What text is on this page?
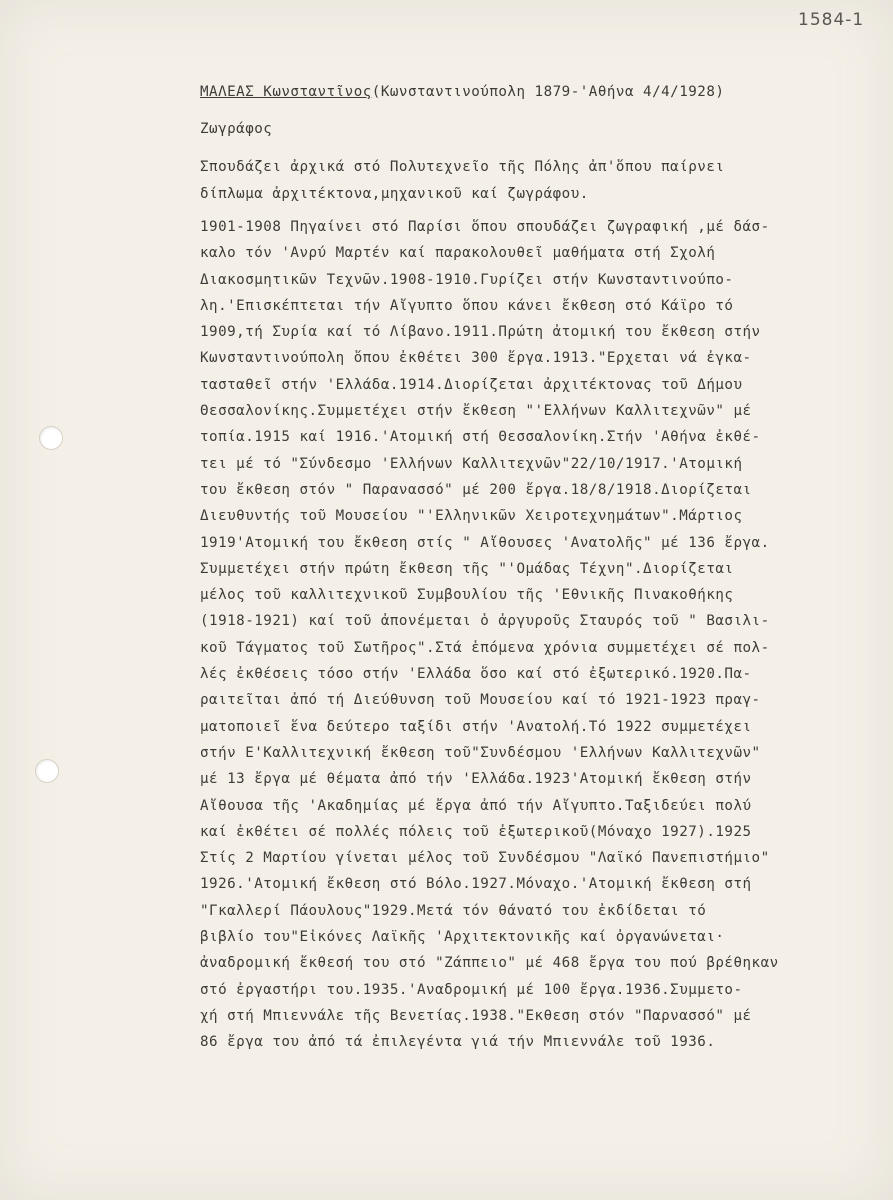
1584-1
ΜΑΛΕΑΣ Κωνσταντῖνος(Κωνσταντινούπολη 1879-'Αθήνα 4/4/1928)
Ζωγράφος
Σπουδάζει ἀρχικά στό Πολυτεχνεῖο τῆς Πόλης ἀπ'ὅπου παίρνει
δίπλωμα ἀρχιτέκτονα,μηχανικοῦ καί ζωγράφου.
1901-1908 Πηγαίνει στό Παρίσι ὅπου σπουδάζει ζωγραφική ,μέ δάσ-
καλο τόν 'Ανρύ Μαρτέν καί παρακολουθεῖ μαθήματα στή Σχολή
Διακοσμητικῶν Τεχνῶν.1908-1910.Γυρίζει στήν Κωνσταντινούπο-
λη.'Επισκέπτεται τήν Αἴγυπτο ὅπου κάνει ἔκθεση στό Κάϊρο τό
1909,τή Συρία καί τό Λίβανο.1911.Πρώτη ἀτομική του ἔκθεση στήν
Κωνσταντινούπολη ὅπου ἐκθέτει 300 ἔργα.1913."Ερχεται νά ἐγκα-
τασταθεῖ στήν 'Ελλάδα.1914.Διορίζεται ἀρχιτέκτονας τοῦ Δήμου
Θεσσαλονίκης.Συμμετέχει στήν ἔκθεση "'Ελλήνων Καλλιτεχνῶν" μέ
τοπία.1915 καί 1916.'Ατομική στή Θεσσαλονίκη.Στήν 'Αθήνα ἐκθέ-
τει μέ τό "Σύνδεσμο 'Ελλήνων Καλλιτεχνῶν"22/10/1917.'Ατομική
του ἔκθεση στόν " Παρανασσό" μέ 200 ἔργα.18/8/1918.Διορίζεται
Διευθυντής τοῦ Μουσείου "'Ελληνικῶν Χειροτεχνημάτων".Μάρτιος
1919'Ατομική του ἔκθεση στίς " Αἴθουσες 'Ανατολῆς" μέ 136 ἔργα.
Συμμετέχει στήν πρώτη ἔκθεση τῆς "'Ομάδας Τέχνη".Διορίζεται
μέλος τοῦ καλλιτεχνικοῦ Συμβουλίου τῆς 'Εθνικῆς Πινακοθήκης
(1918-1921) καί τοῦ ἀπονέμεται ὁ ἀργυροῦς Σταυρός τοῦ " Βασιλι-
κοῦ Τάγματος τοῦ Σωτῆρος".Στά ἑπόμενα χρόνια συμμετέχει σέ πολ-
λές ἐκθέσεις τόσο στήν 'Ελλάδα ὅσο καί στό ἐξωτερικό.1920.Πα-
ραιτεῖται ἀπό τή Διεύθυνση τοῦ Μουσείου καί τό 1921-1923 πραγ-
ματοποιεῖ ἕνα δεύτερο ταξίδι στήν 'Ανατολή.Τό 1922 συμμετέχει
στήν Ε'Καλλιτεχνική ἔκθεση τοῦ"Συνδέσμου 'Ελλήνων Καλλιτεχνῶν"
μέ 13 ἔργα μέ θέματα ἀπό τήν 'Ελλάδα.1923'Ατομική ἔκθεση στήν
Αἴθουσα τῆς 'Ακαδημίας μέ ἔργα ἀπό τήν Αἴγυπτο.Ταξιδεύει πολύ
καί ἐκθέτει σέ πολλές πόλεις τοῦ ἐξωτερικοῦ(Μόναχο 1927).1925
Στίς 2 Μαρτίου γίνεται μέλος τοῦ Συνδέσμου "Λαϊκό Πανεπιστήμιο"
1926.'Ατομική ἔκθεση στό Βόλο.1927.Μόναχο.'Ατομική ἔκθεση στή
"Γκαλλερί Πάουλους"1929.Μετά τόν θάνατό του ἐκδίδεται τό
βιβλίο του"Εἰκόνες Λαϊκῆς 'Αρχιτεκτονικῆς καί ὀργανώνεται·
ἀναδρομική ἔκθεσή του στό "Ζάππειο" μέ 468 ἔργα του πού βρέθηκαν
στό ἐργαστήρι του.1935.'Αναδρομική μέ 100 ἔργα.1936.Συμμετο-
χή στή Μπιεννάλε τῆς Βενετίας.1938."Εκθεση στόν "Παρνασσό" μέ
86 ἔργα του ἀπό τά ἐπιλεγέντα γιά τήν Μπιεννάλε τοῦ 1936.
